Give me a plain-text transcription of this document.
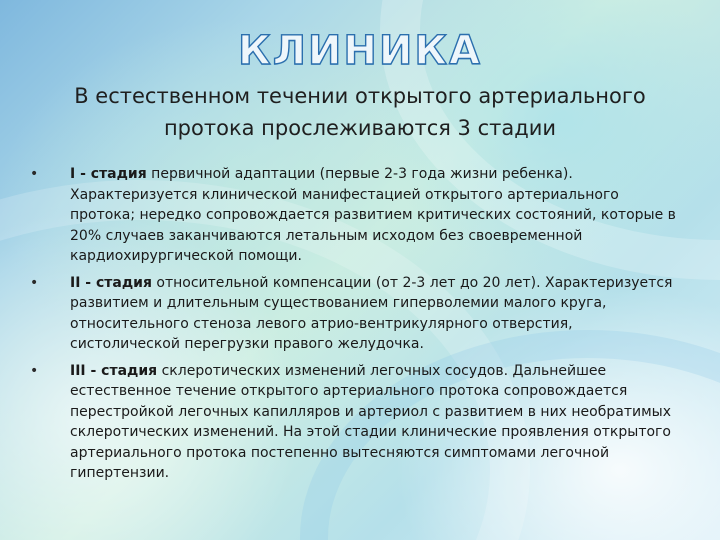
КЛИНИКА
В естественном течении открытого артериального протока прослеживаются 3 стадии
• I - стадия первичной адаптации (первые 2-3 года жизни ребенка). Характеризуется клинической манифестацией открытого артериального протока; нередко сопровождается развитием критических состояний, которые в 20% случаев заканчиваются летальным исходом без своевременной кардиохирургической помощи.
• II - стадия относительной компенсации (от 2-3 лет до 20 лет). Характеризуется развитием и длительным существованием гиперволемии малого круга, относительного стеноза левого атрио-вентрикулярного отверстия, систолической перегрузки правого желудочка.
• III - стадия склеротических изменений легочных сосудов. Дальнейшее естественное течение открытого артериального протока сопровождается перестройкой легочных капилляров и артериол с развитием в них необратимых склеротических изменений. На этой стадии клинические проявления открытого артериального протока постепенно вытесняются симптомами легочной гипертензии.
